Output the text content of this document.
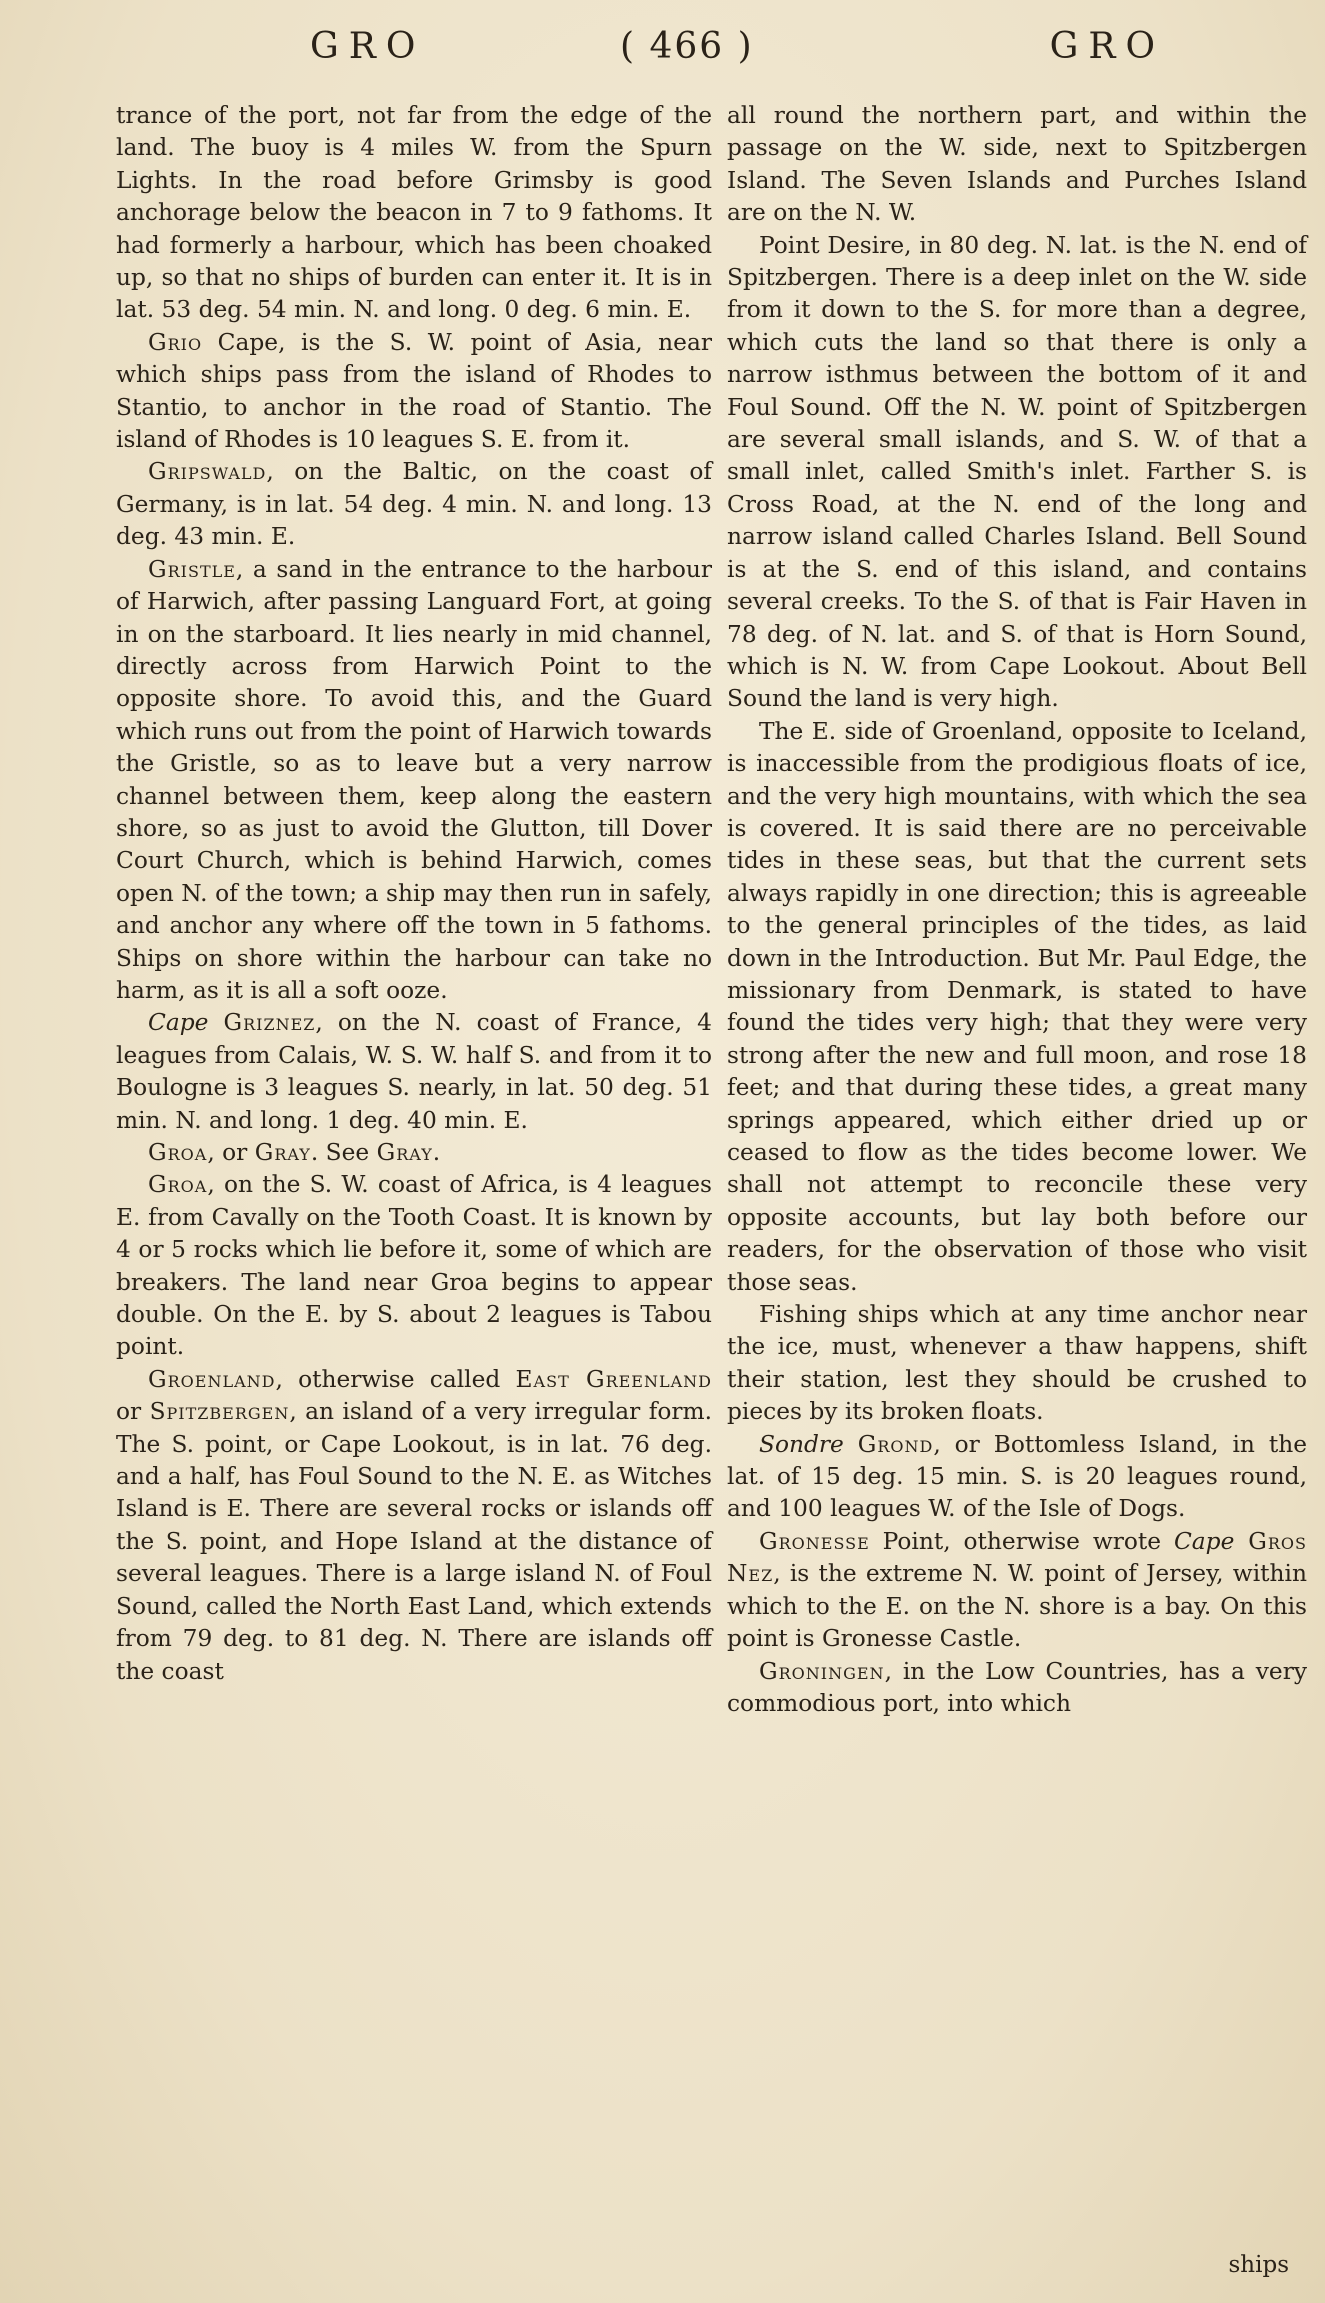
GRO	( 466 )	GRO

trance of the port, not far from the edge of the land. The buoy is 4 miles W. from the Spurn Lights. In the road before Grimsby is good anchorage below the beacon in 7 to 9 fathoms. It had formerly a harbour, which has been choaked up, so that no ships of burden can enter it. It is in lat. 53 deg. 54 min. N. and long. 0 deg. 6 min. E.

Grio Cape, is the S. W. point of Asia, near which ships pass from the island of Rhodes to Stantio, to anchor in the road of Stantio. The island of Rhodes is 10 leagues S. E. from it.

Gripswald, on the Baltic, on the coast of Germany, is in lat. 54 deg. 4 min. N. and long. 13 deg. 43 min. E.

Gristle, a sand in the entrance to the harbour of Harwich, after passing Languard Fort, at going in on the starboard. It lies nearly in mid channel, directly across from Harwich Point to the opposite shore. To avoid this, and the Guard which runs out from the point of Harwich towards the Gristle, so as to leave but a very narrow channel between them, keep along the eastern shore, so as just to avoid the Glutton, till Dover Court Church, which is behind Harwich, comes open N. of the town; a ship may then run in safely, and anchor any where off the town in 5 fathoms. Ships on shore within the harbour can take no harm, as it is all a soft ooze.

Cape Griznez, on the N. coast of France, 4 leagues from Calais, W. S. W. half S. and from it to Boulogne is 3 leagues S. nearly, in lat. 50 deg. 51 min. N. and long. 1 deg. 40 min. E.

Groa, or Gray. See Gray.

Groa, on the S. W. coast of Africa, is 4 leagues E. from Cavally on the Tooth Coast. It is known by 4 or 5 rocks which lie before it, some of which are breakers. The land near Groa begins to appear double. On the E. by S. about 2 leagues is Tabou point.

Groenland, otherwise called East Greenland or Spitzbergen, an island of a very irregular form. The S. point, or Cape Lookout, is in lat. 76 deg. and a half, has Foul Sound to the N. E. as Witches Island is E. There are several rocks or islands off the S. point, and Hope Island at the distance of several leagues. There is a large island N. of Foul Sound, called the North East Land, which extends from 79 deg. to 81 deg. N. There are islands off the coast

all round the northern part, and within the passage on the W. side, next to Spitzbergen Island. The Seven Islands and Purches Island are on the N. W.

Point Desire, in 80 deg. N. lat. is the N. end of Spitzbergen. There is a deep inlet on the W. side from it down to the S. for more than a degree, which cuts the land so that there is only a narrow isthmus between the bottom of it and Foul Sound. Off the N. W. point of Spitzbergen are several small islands, and S. W. of that a small inlet, called Smith's inlet. Farther S. is Cross Road, at the N. end of the long and narrow island called Charles Island. Bell Sound is at the S. end of this island, and contains several creeks. To the S. of that is Fair Haven in 78 deg. of N. lat. and S. of that is Horn Sound, which is N. W. from Cape Lookout. About Bell Sound the land is very high.

The E. side of Groenland, opposite to Iceland, is inaccessible from the prodigious floats of ice, and the very high mountains, with which the sea is covered. It is said there are no perceivable tides in these seas, but that the current sets always rapidly in one direction; this is agreeable to the general principles of the tides, as laid down in the Introduction. But Mr. Paul Edge, the missionary from Denmark, is stated to have found the tides very high; that they were very strong after the new and full moon, and rose 18 feet; and that during these tides, a great many springs appeared, which either dried up or ceased to flow as the tides become lower. We shall not attempt to reconcile these very opposite accounts, but lay both before our readers, for the observation of those who visit those seas.

Fishing ships which at any time anchor near the ice, must, whenever a thaw happens, shift their station, lest they should be crushed to pieces by its broken floats.

Sondre Grond, or Bottomless Island, in the lat. of 15 deg. 15 min. S. is 20 leagues round, and 100 leagues W. of the Isle of Dogs.

Gronesse Point, otherwise wrote Cape Gros Nez, is the extreme N. W. point of Jersey, within which to the E. on the N. shore is a bay. On this point is Gronesse Castle.

Groningen, in the Low Countries, has a very commodious port, into which

ships
